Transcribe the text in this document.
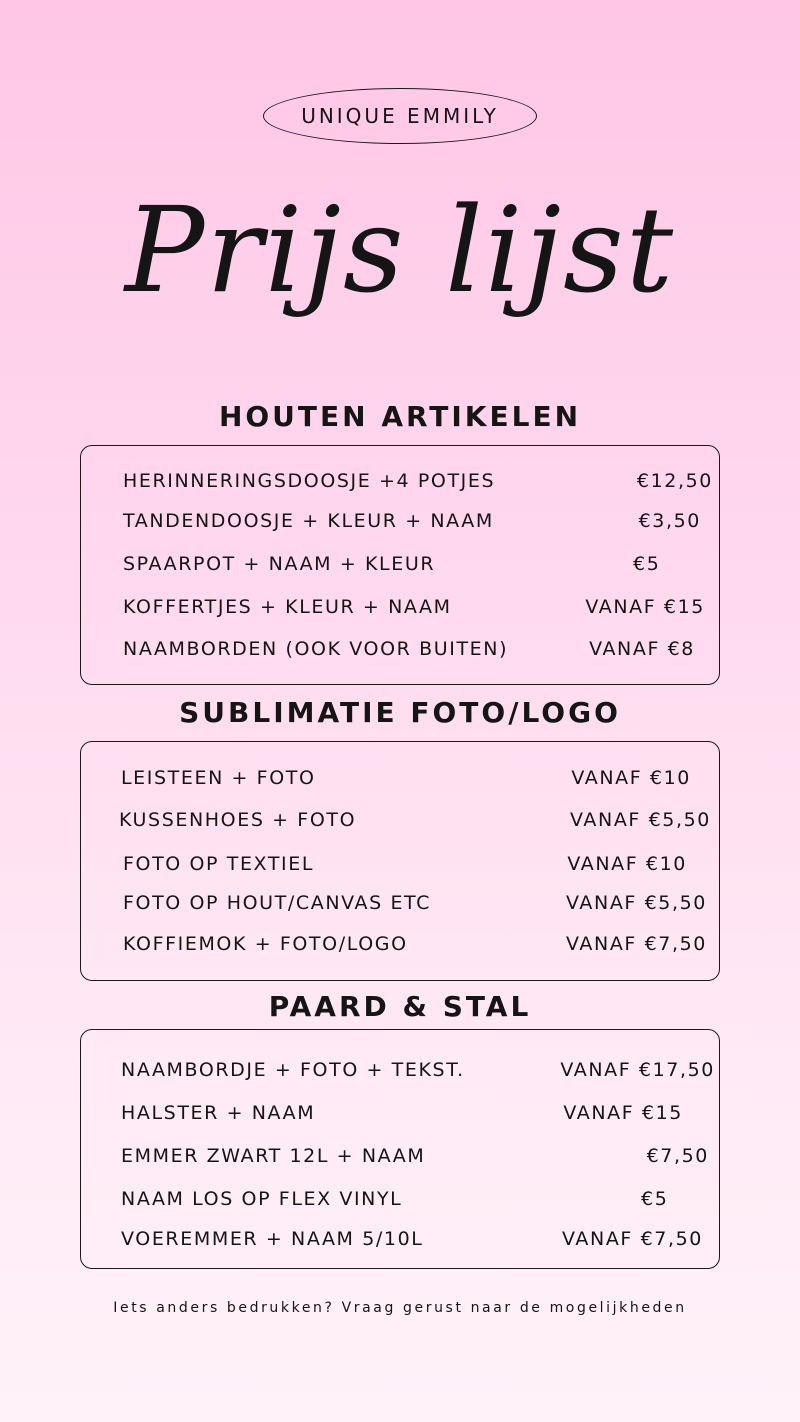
UNIQUE EMMILY
Prijs lijst
HOUTEN ARTIKELEN
HERINNERINGSDOOSJE +4 POTJES	€12,50
TANDENDOOSJE + KLEUR + NAAM	€3,50
SPAARPOT + NAAM + KLEUR	€5
KOFFERTJES + KLEUR + NAAM	VANAF €15
NAAMBORDEN (OOK VOOR BUITEN)	VANAF €8
SUBLIMATIE FOTO/LOGO
LEISTEEN + FOTO	VANAF €10
KUSSENHOES + FOTO	VANAF €5,50
FOTO OP TEXTIEL	VANAF €10
FOTO OP HOUT/CANVAS ETC	VANAF €5,50
KOFFIEMOK + FOTO/LOGO	VANAF €7,50
PAARD & STAL
NAAMBORDJE + FOTO + TEKST.	VANAF €17,50
HALSTER + NAAM	VANAF €15
EMMER ZWART 12L + NAAM	€7,50
NAAM LOS OP FLEX VINYL	€5
VOEREMMER + NAAM 5/10L	VANAF €7,50
Iets anders bedrukken? Vraag gerust naar de mogelijkheden
